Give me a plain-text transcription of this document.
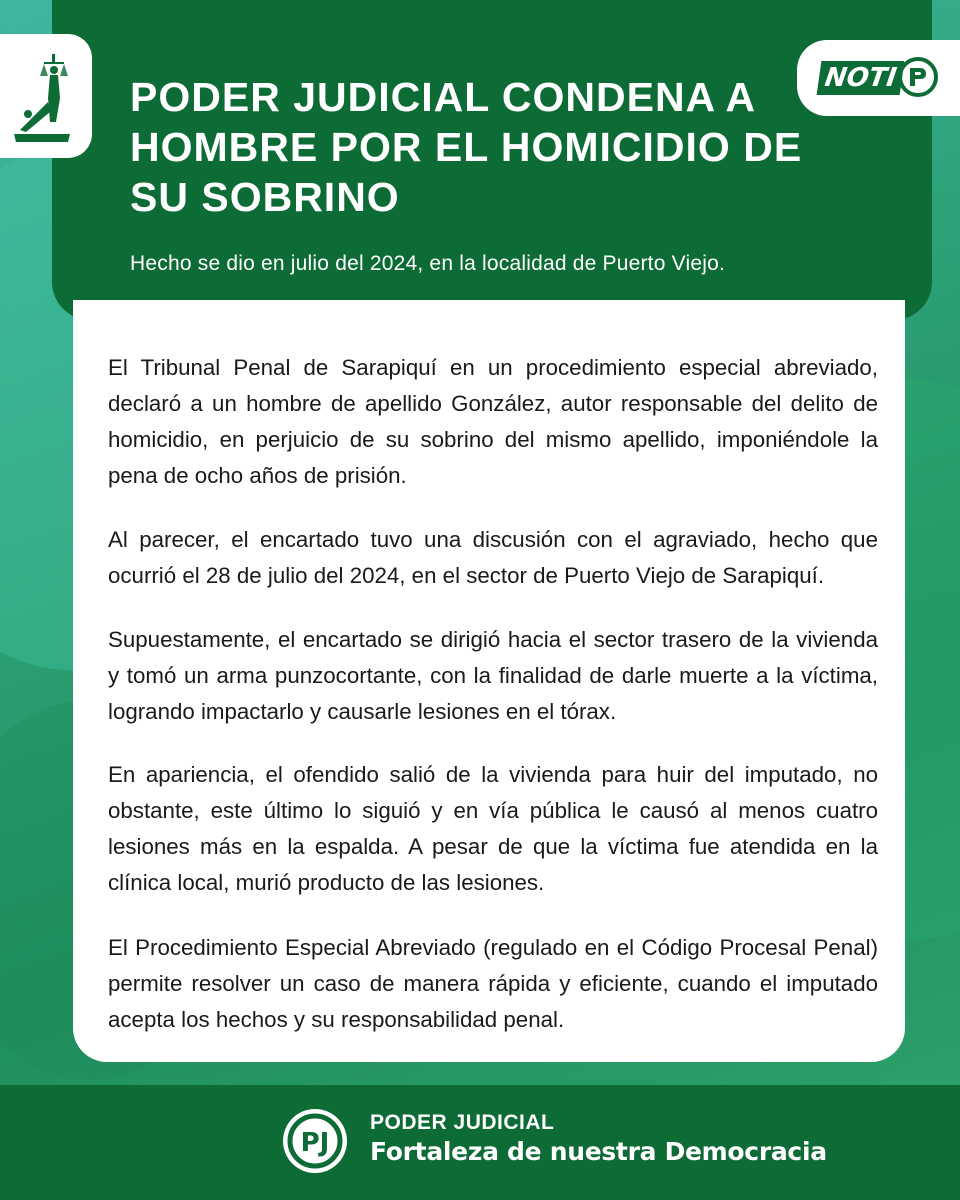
PODER JUDICIAL CONDENA A HOMBRE POR EL HOMICIDIO DE SU SOBRINO

Hecho se dio en julio del 2024, en la localidad de Puerto Viejo.

NOTI

El Tribunal Penal de Sarapiquí en un procedimiento especial abreviado, declaró a un hombre de apellido González, autor responsable del delito de homicidio, en perjuicio de su sobrino del mismo apellido, imponiéndole la pena de ocho años de prisión.

Al parecer, el encartado tuvo una discusión con el agraviado, hecho que ocurrió el 28 de julio del 2024, en el sector de Puerto Viejo de Sarapiquí.

Supuestamente, el encartado se dirigió hacia el sector trasero de la vivienda y tomó un arma punzocortante, con la finalidad de darle muerte a la víctima, logrando impactarlo y causarle lesiones en el tórax.

En apariencia, el ofendido salió de la vivienda para huir del imputado, no obstante, este último lo siguió y en vía pública le causó al menos cuatro lesiones más en la espalda. A pesar de que la víctima fue atendida en la clínica local, murió producto de las lesiones.

El Procedimiento Especial Abreviado (regulado en el Código Procesal Penal) permite resolver un caso de manera rápida y eficiente, cuando el imputado acepta los hechos y su responsabilidad penal.

PJ
PODER JUDICIAL
Fortaleza de nuestra Democracia
